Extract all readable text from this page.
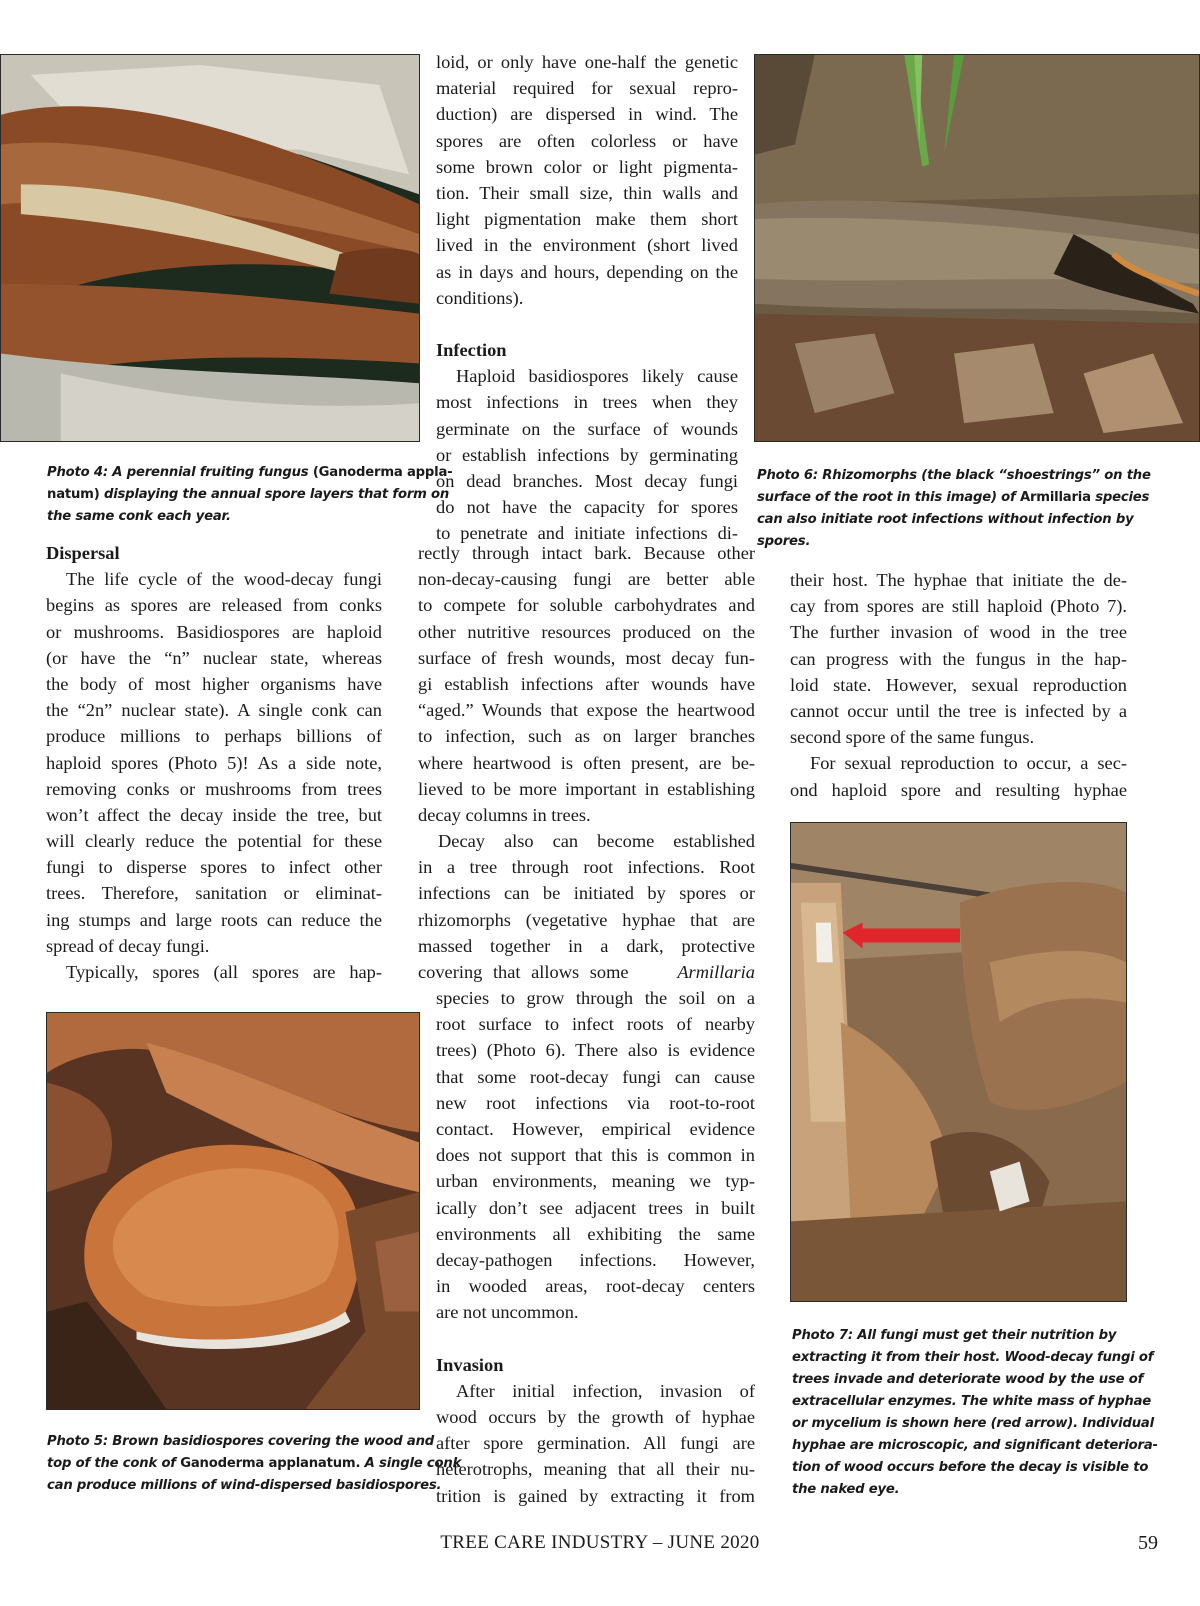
Photo 4: A perennial fruiting fungus (Ganoderma appla-
natum) displaying the annual spore layers that form on
the same conk each year.
Photo 5: Brown basidiospores covering the wood and
top of the conk of Ganoderma applanatum. A single conk
can produce millions of wind-dispersed basidiospores.
Photo 6: Rhizomorphs (the black “shoestrings” on the
surface of the root in this image) of Armillaria species
can also initiate root infections without infection by
spores.
Photo 7: All fungi must get their nutrition by
extracting it from their host. Wood-decay fungi of
trees invade and deteriorate wood by the use of
extracellular enzymes. The white mass of hyphae
or mycelium is shown here (red arrow). Individual
hyphae are microscopic, and significant deteriora-
tion of wood occurs before the decay is visible to
the naked eye.
Dispersal
The life cycle of the wood-decay fungi
begins as spores are released from conks
or mushrooms. Basidiospores are haploid
(or have the “n” nuclear state, whereas
the body of most higher organisms have
the “2n” nuclear state). A single conk can
produce millions to perhaps billions of
haploid spores (Photo 5)! As a side note,
removing conks or mushrooms from trees
won’t affect the decay inside the tree, but
will clearly reduce the potential for these
fungi to disperse spores to infect other
trees. Therefore, sanitation or eliminat-
ing stumps and large roots can reduce the
spread of decay fungi.
Typically, spores (all spores are hap-
loid, or only have one-half the genetic
material required for sexual repro-
duction) are dispersed in wind. The
spores are often colorless or have
some brown color or light pigmenta-
tion. Their small size, thin walls and
light pigmentation make them short
lived in the environment (short lived
as in days and hours, depending on the
conditions).
Infection
Haploid basidiospores likely cause
most infections in trees when they
germinate on the surface of wounds
or establish infections by germinating
on dead branches. Most decay fungi
do not have the capacity for spores
to penetrate and initiate infections di-
rectly through intact bark. Because other
non-decay-causing fungi are better able
to compete for soluble carbohydrates and
other nutritive resources produced on the
surface of fresh wounds, most decay fun-
gi establish infections after wounds have
“aged.” Wounds that expose the heartwood
to infection, such as on larger branches
where heartwood is often present, are be-
lieved to be more important in establishing
decay columns in trees.
Decay also can become established
in a tree through root infections. Root
infections can be initiated by spores or
rhizomorphs (vegetative hyphae that are
massed together in a dark, protective
covering that allows some	Armillaria
species to grow through the soil on a
root surface to infect roots of nearby
trees) (Photo 6). There also is evidence
that some root-decay fungi can cause
new root infections via root-to-root
contact. However, empirical evidence
does not support that this is common in
urban environments, meaning we typ-
ically don’t see adjacent trees in built
environments all exhibiting the same
decay-pathogen infections. However,
in wooded areas, root-decay centers
are not uncommon.
Invasion
After initial infection, invasion of
wood occurs by the growth of hyphae
after spore germination. All fungi are
heterotrophs, meaning that all their nu-
trition is gained by extracting it from
their host. The hyphae that initiate the de-
cay from spores are still haploid (Photo 7).
The further invasion of wood in the tree
can progress with the fungus in the hap-
loid state. However, sexual reproduction
cannot occur until the tree is infected by a
second spore of the same fungus.
For sexual reproduction to occur, a sec-
ond haploid spore and resulting hyphae
TREE CARE INDUSTRY – JUNE 2020	59
